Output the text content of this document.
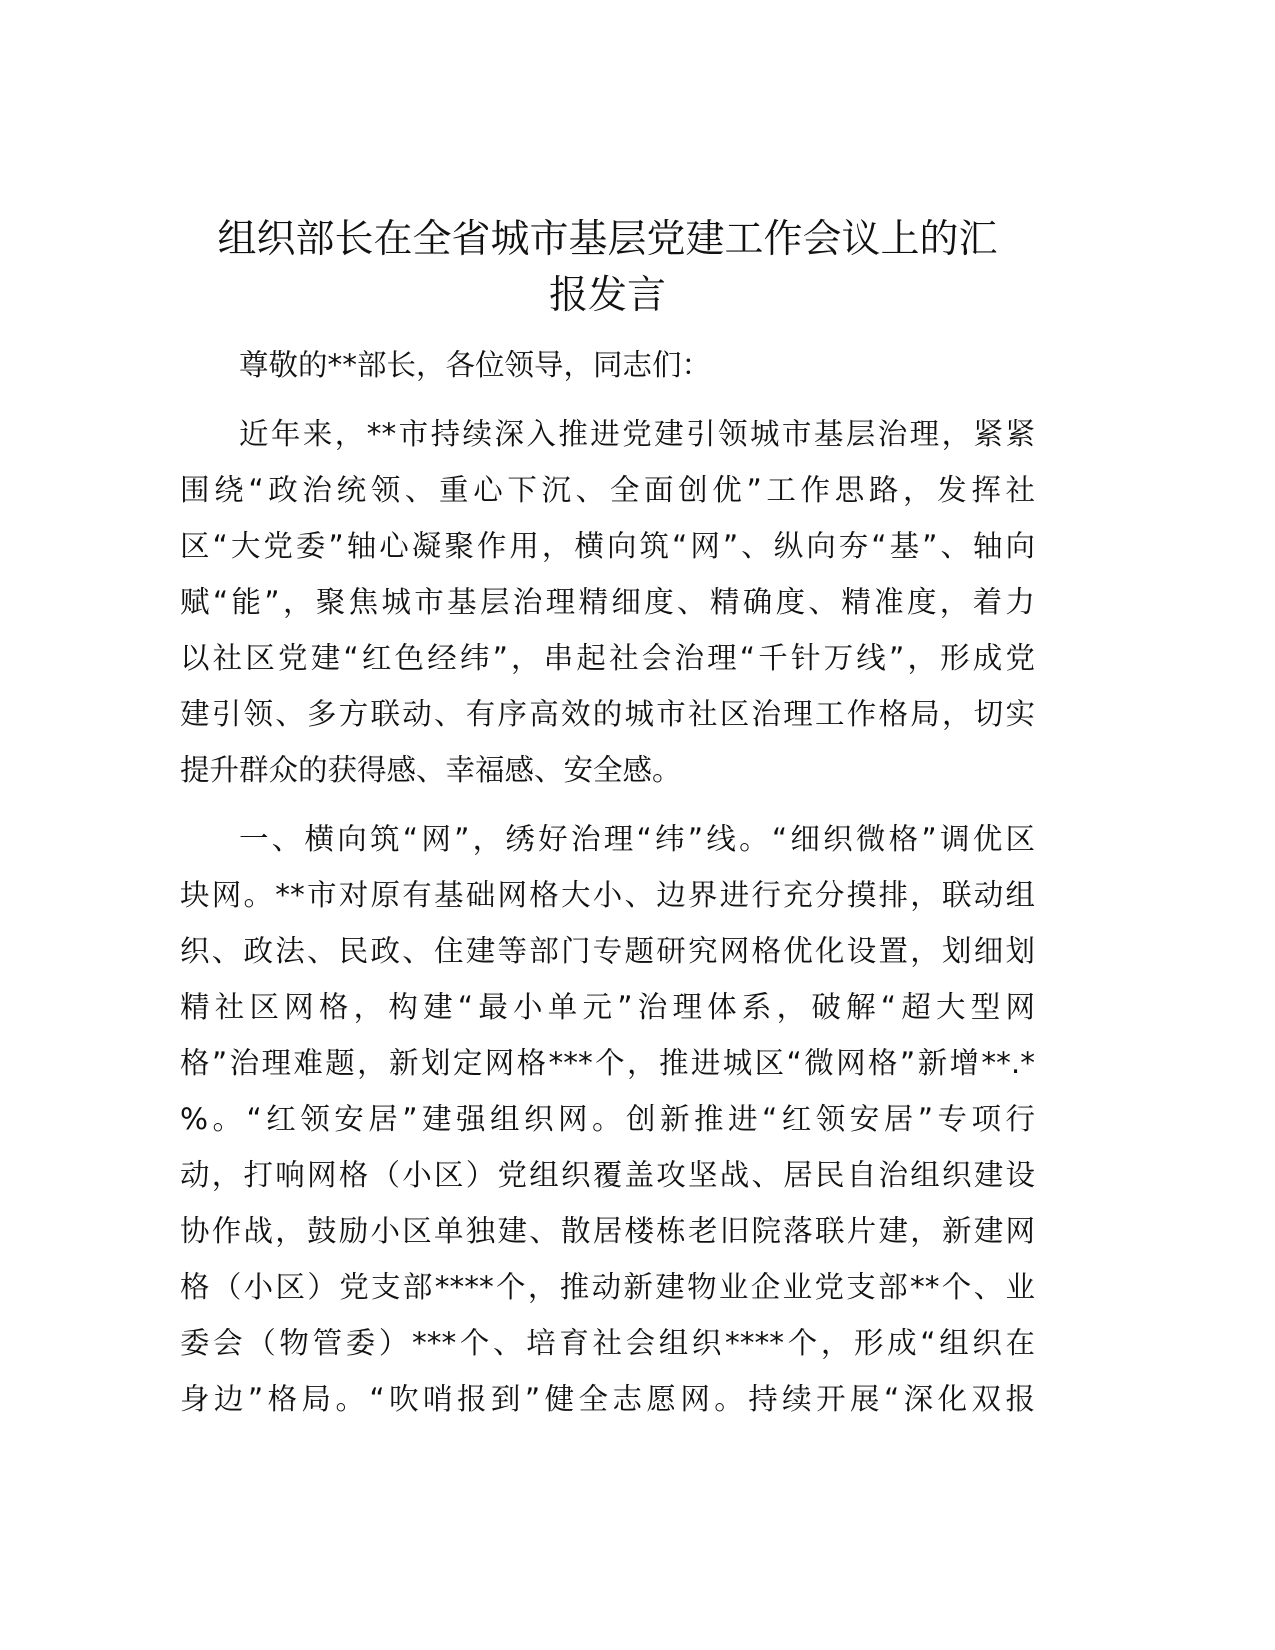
组织部长在全省城市基层党建工作会议上的汇
报发言

尊敬的**部长，各位领导，同志们：

近年来，**市持续深入推进党建引领城市基层治理，紧紧
围绕“政治统领、重心下沉、全面创优”工作思路，发挥社
区“大党委”轴心凝聚作用，横向筑“网”、纵向夯“基”、轴向
赋“能”，聚焦城市基层治理精细度、精确度、精准度，着力
以社区党建“红色经纬”，串起社会治理“千针万线”，形成党
建引领、多方联动、有序高效的城市社区治理工作格局，切实
提升群众的获得感、幸福感、安全感。

一、横向筑“网”，绣好治理“纬”线。“细织微格”调优区
块网。**市对原有基础网格大小、边界进行充分摸排，联动组
织、政法、民政、住建等部门专题研究网格优化设置，划细划
精社区网格，构建“最小单元”治理体系，破解“超大型网
格”治理难题，新划定网格***个，推进城区“微网格”新增**.*
%。“红领安居”建强组织网。创新推进“红领安居”专项行
动，打响网格（小区）党组织覆盖攻坚战、居民自治组织建设
协作战，鼓励小区单独建、散居楼栋老旧院落联片建，新建网
格（小区）党支部****个，推动新建物业企业党支部**个、业
委会（物管委）***个、培育社会组织****个，形成“组织在
身边”格局。“吹哨报到”健全志愿网。持续开展“深化双报
